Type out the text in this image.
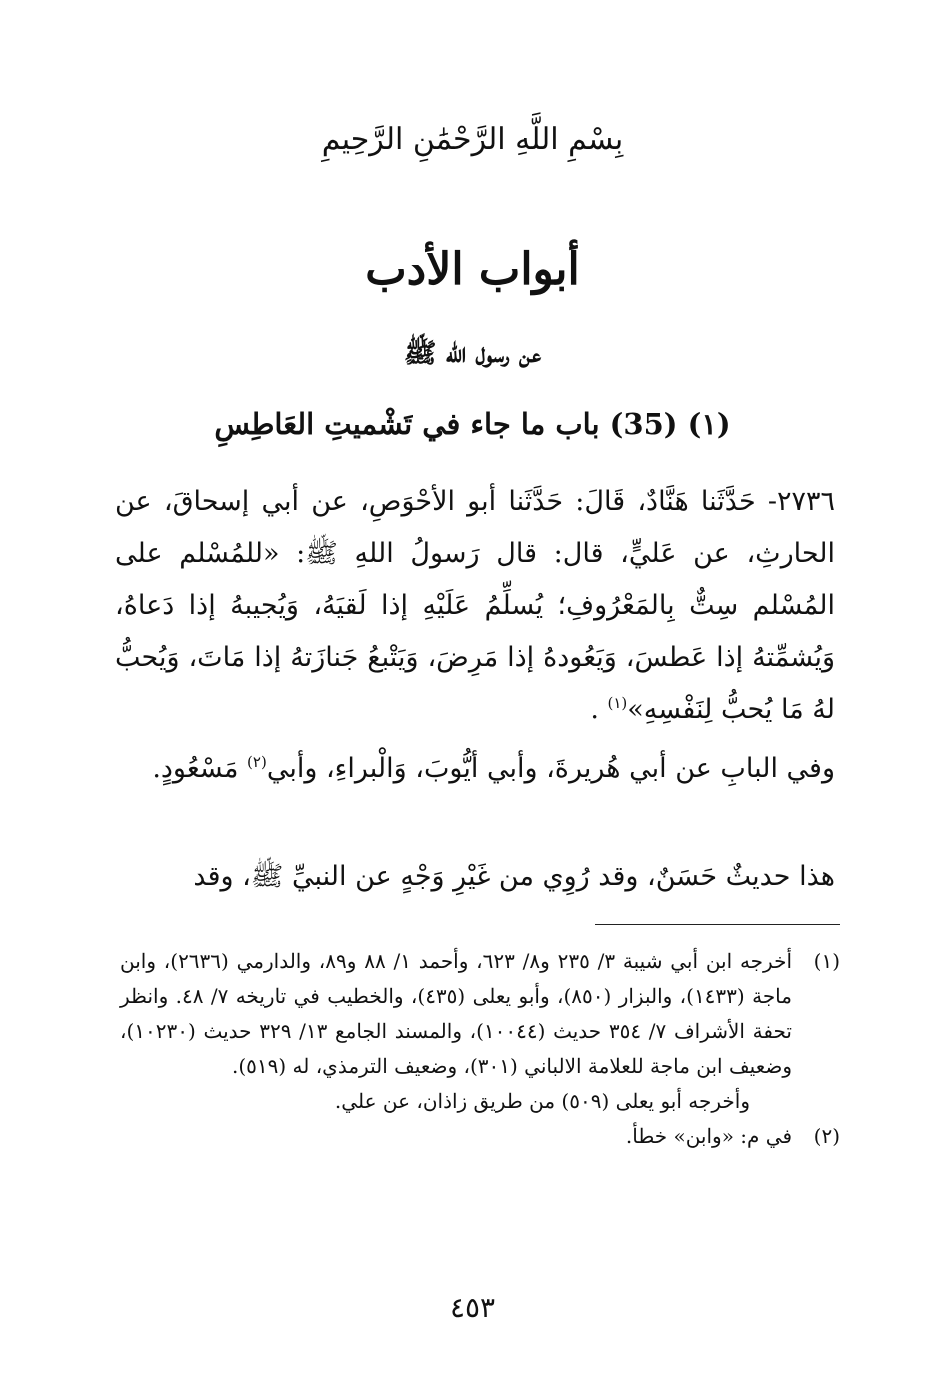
بِسْمِ اللَّهِ الرَّحْمَٰنِ الرَّحِيمِ
أبواب الأدب
عن رسول الله ﷺ
(١) (35) باب ما جاء في تَشْميتِ العَاطِسِ

٢٧٣٦- حَدَّثَنا هَنَّادٌ، قَالَ: حَدَّثَنا أبو الأحْوَصِ، عن أبي إسحاقَ، عن الحارثِ، عن عَليٍّ، قال: قال رَسولُ اللهِ ﷺ: «للمُسْلم على المُسْلم سِتٌّ بِالمَعْرُوفِ؛ يُسلِّمُ عَلَيْهِ إذا لَقيَهُ، وَيُجيبهُ إذا دَعاهُ، وَيُشمِّتهُ إذا عَطسَ، وَيَعُودهُ إذا مَرِضَ، وَيَتْبعُ جَنازَتهُ إذا مَاتَ، وَيُحبُّ لهُ مَا يُحبُّ لِنَفْسِهِ»$^{(١)}$ .

وفي البابِ عن أبي هُريرةَ، وأبي أيُّوبَ، وَالْبراءِ، وأبي$^{(٢)}$ مَسْعُودٍ.

هذا حديثٌ حَسَنٌ، وقد رُوِي من غَيْرِ وَجْهٍ عن النبيِّ ﷺ، وقد

(١)
أخرجه ابن أبي شيبة ٣/ ٢٣٥ و٨/ ٦٢٣، وأحمد ١/ ٨٨ و٨٩، والدارمي (٢٦٣٦)، وابن ماجة (١٤٣٣)، والبزار (٨٥٠)، وأبو يعلى (٤٣٥)، والخطيب في تاريخه ٧/ ٤٨. وانظر تحفة الأشراف ٧/ ٣٥٤ حديث (١٠٠٤٤)، والمسند الجامع ١٣/ ٣٢٩ حديث (١٠٢٣٠)، وضعيف ابن ماجة للعلامة الالباني (٣٠١)، وضعيف الترمذي، له (٥١٩).
وأخرجه أبو يعلى (٥٠٩) من طريق زاذان، عن علي.
(٢)
في م: «وابن» خطأ.
٤٥٣
